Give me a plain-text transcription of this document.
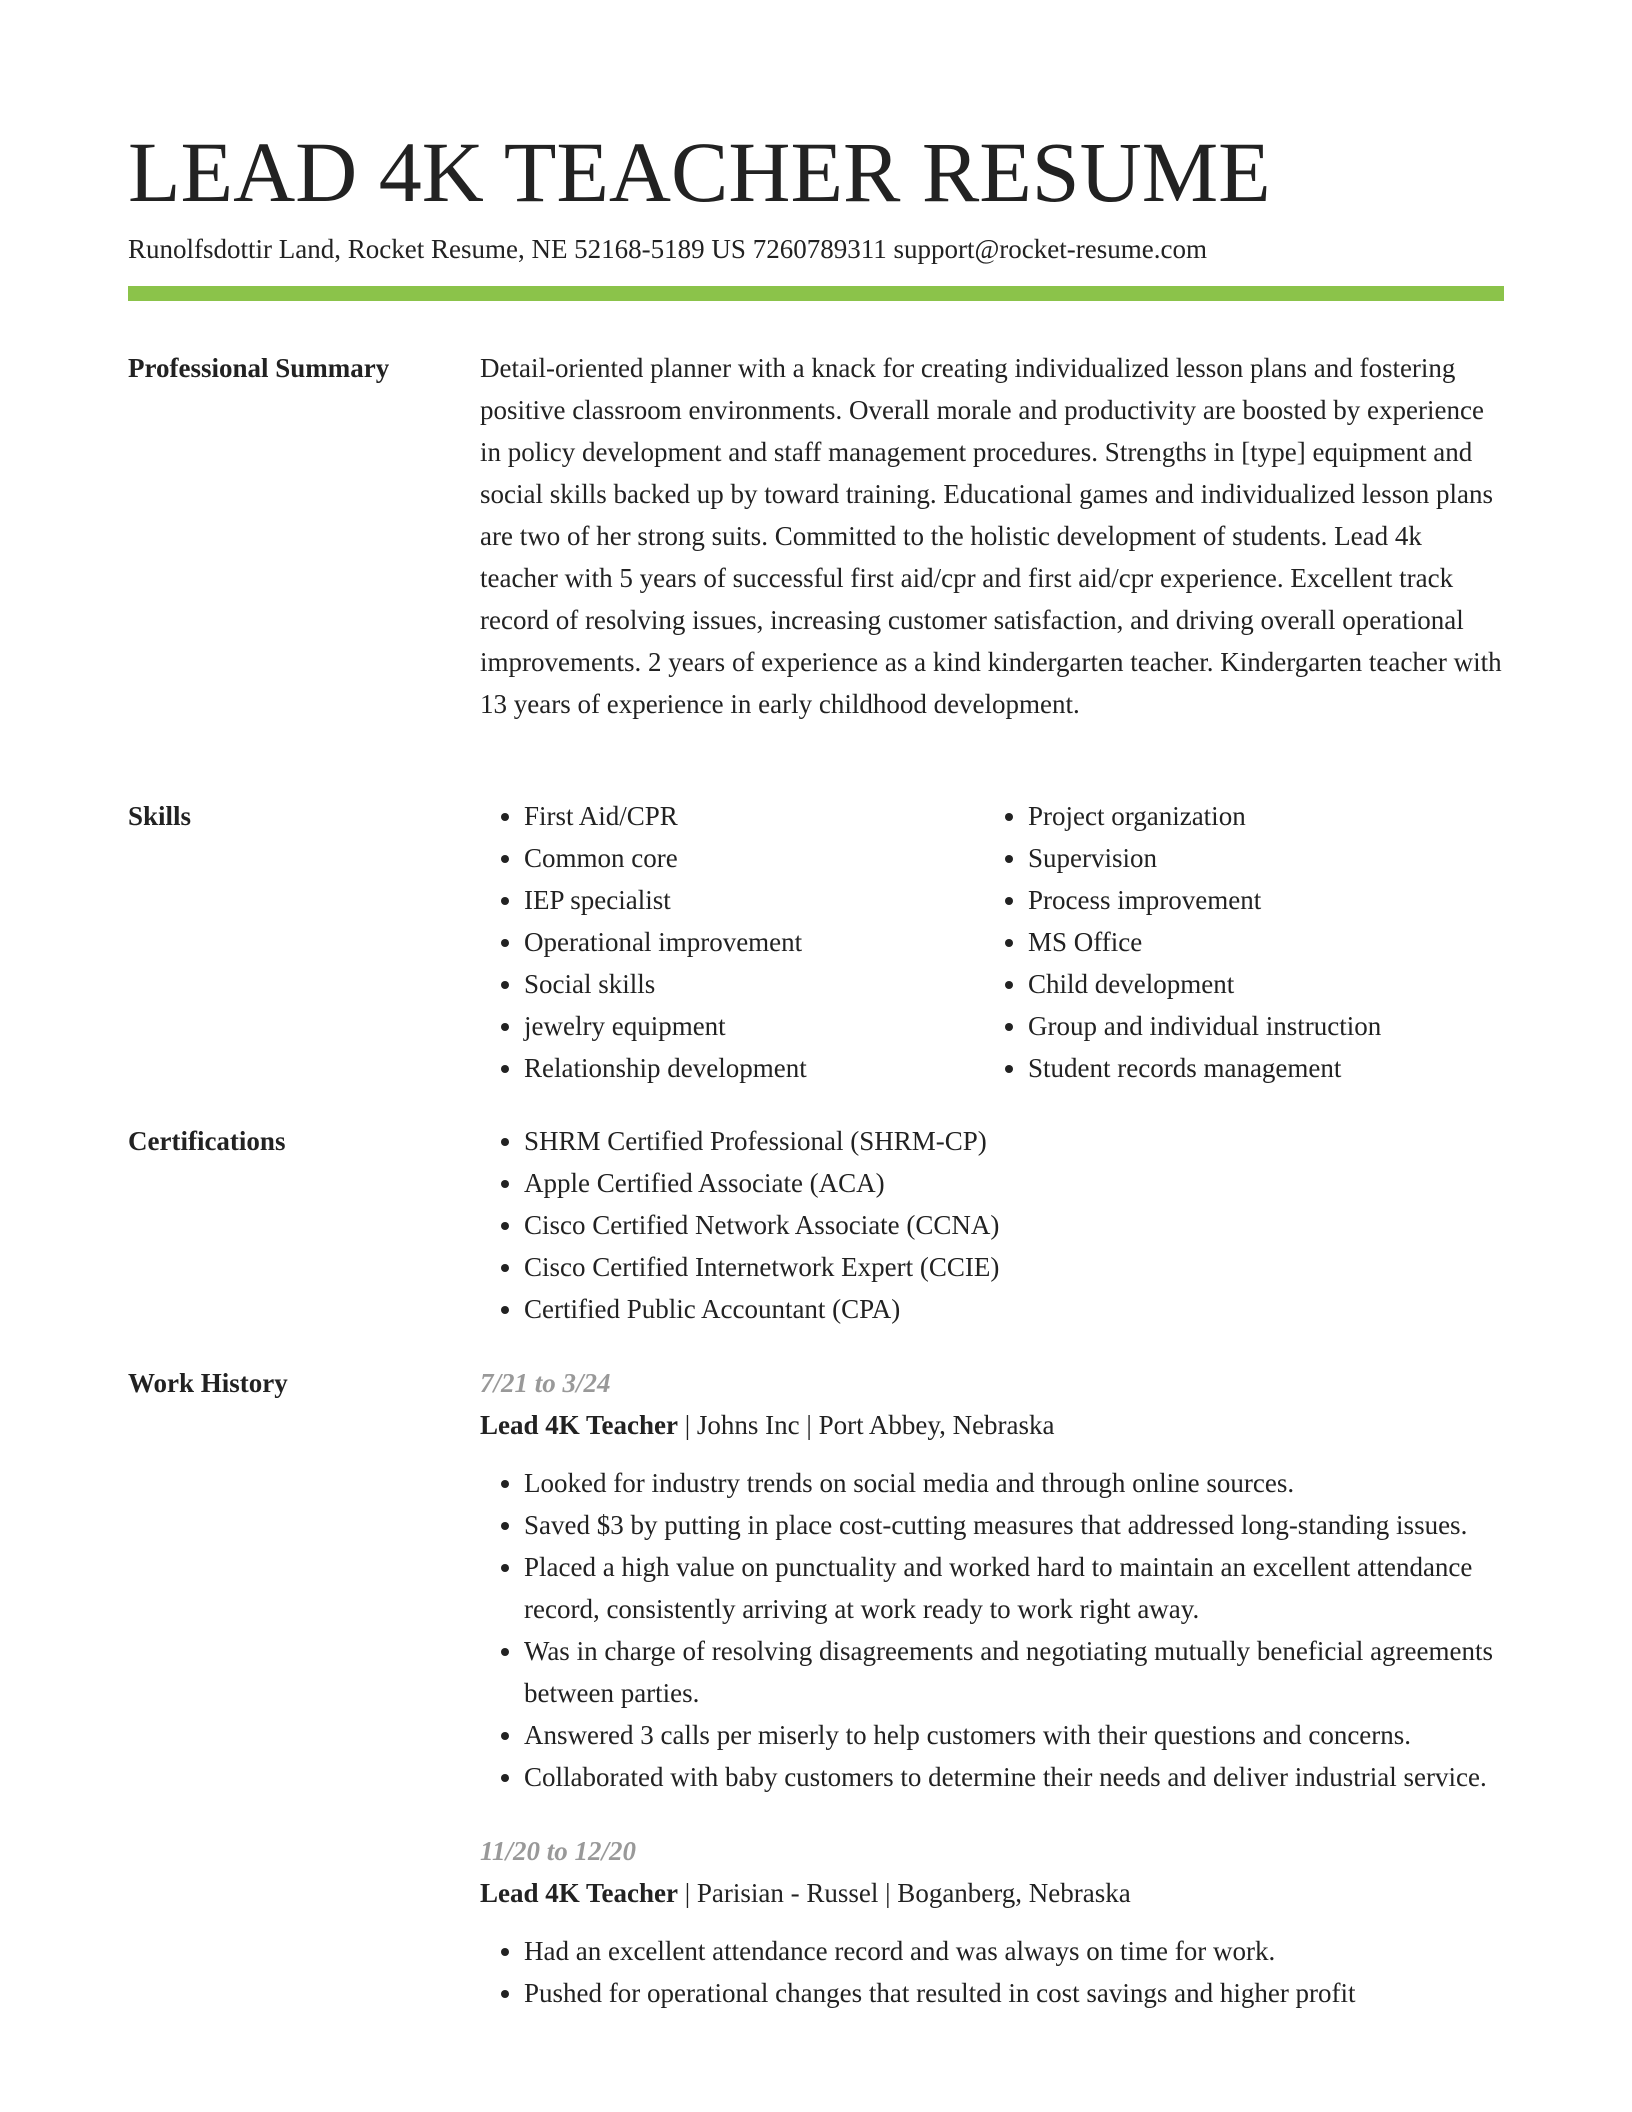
LEAD 4K TEACHER RESUME
Runolfsdottir Land, Rocket Resume, NE 52168-5189 US 7260789311 support@rocket-resume.com
Professional Summary	Detail-oriented planner with a knack for creating individualized lesson plans and fostering positive classroom environments. Overall morale and productivity are boosted by experience in policy development and staff management procedures. Strengths in [type] equipment and social skills backed up by toward training. Educational games and individualized lesson plans are two of her strong suits. Committed to the holistic development of students. Lead 4k teacher with 5 years of successful first aid/cpr and first aid/cpr experience. Excellent track record of resolving issues, increasing customer satisfaction, and driving overall operational improvements. 2 years of experience as a kind kindergarten teacher. Kindergarten teacher with 13 years of experience in early childhood development.

Skills	• First Aid/CPR
• Common core
• IEP specialist
• Operational improvement
• Social skills
• jewelry equipment
• Relationship development
• Project organization
• Supervision
• Process improvement
• MS Office
• Child development
• Group and individual instruction
• Student records management
Certifications	• SHRM Certified Professional (SHRM-CP)
• Apple Certified Associate (ACA)
• Cisco Certified Network Associate (CCNA)
• Cisco Certified Internetwork Expert (CCIE)
• Certified Public Accountant (CPA)
Work History	7/21 to 3/24
Lead 4K Teacher | Johns Inc | Port Abbey, Nebraska
• Looked for industry trends on social media and through online sources.
• Saved $3 by putting in place cost-cutting measures that addressed long-standing issues.
• Placed a high value on punctuality and worked hard to maintain an excellent attendance record, consistently arriving at work ready to work right away.
• Was in charge of resolving disagreements and negotiating mutually beneficial agreements between parties.
• Answered 3 calls per miserly to help customers with their questions and concerns.
• Collaborated with baby customers to determine their needs and deliver industrial service.
11/20 to 12/20
Lead 4K Teacher | Parisian - Russel | Boganberg, Nebraska
• Had an excellent attendance record and was always on time for work.
• Pushed for operational changes that resulted in cost savings and higher profit
